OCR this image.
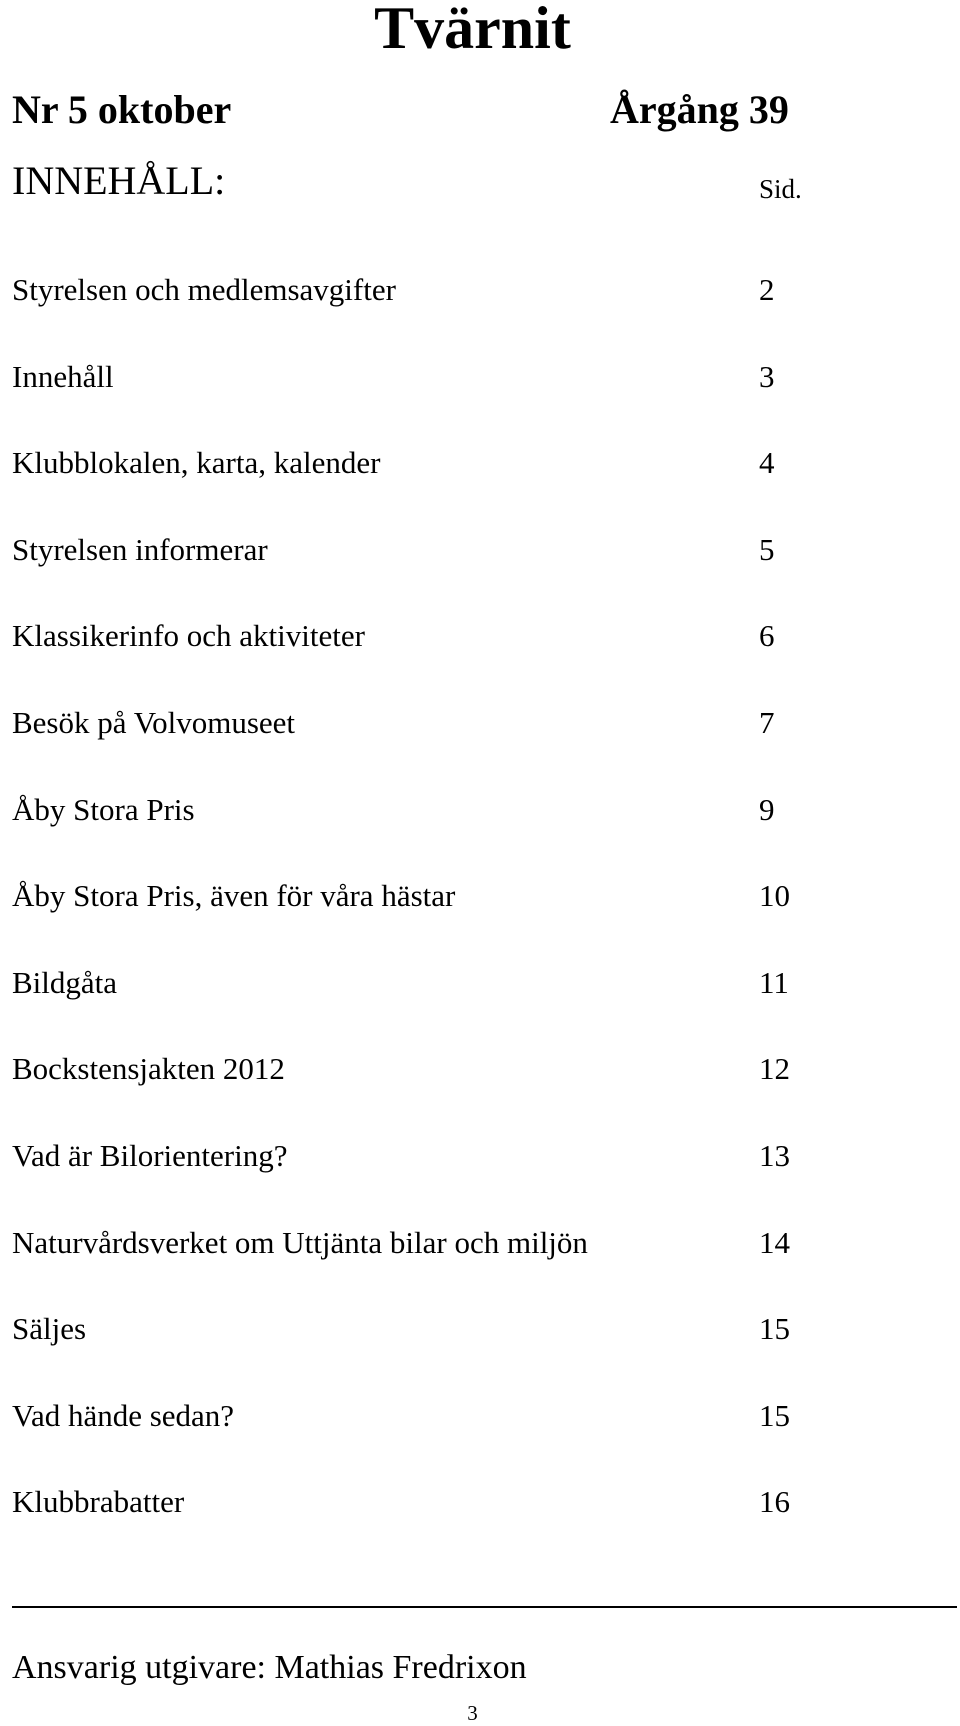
Tvärnit
Nr 5 oktober	Årgång 39
INNEHÅLL:	Sid.
Styrelsen och medlemsavgifter	2
Innehåll	3
Klubblokalen, karta, kalender	4
Styrelsen informerar	5
Klassikerinfo och aktiviteter	6
Besök på Volvomuseet	7
Åby Stora Pris	9
Åby Stora Pris, även för våra hästar	10
Bildgåta	11
Bockstensjakten 2012	12
Vad är Bilorientering?	13
Naturvårdsverket om Uttjänta bilar och miljön	14
Säljes	15
Vad hände sedan?	15
Klubbrabatter	16
Ansvarig utgivare: Mathias Fredrixon
3
